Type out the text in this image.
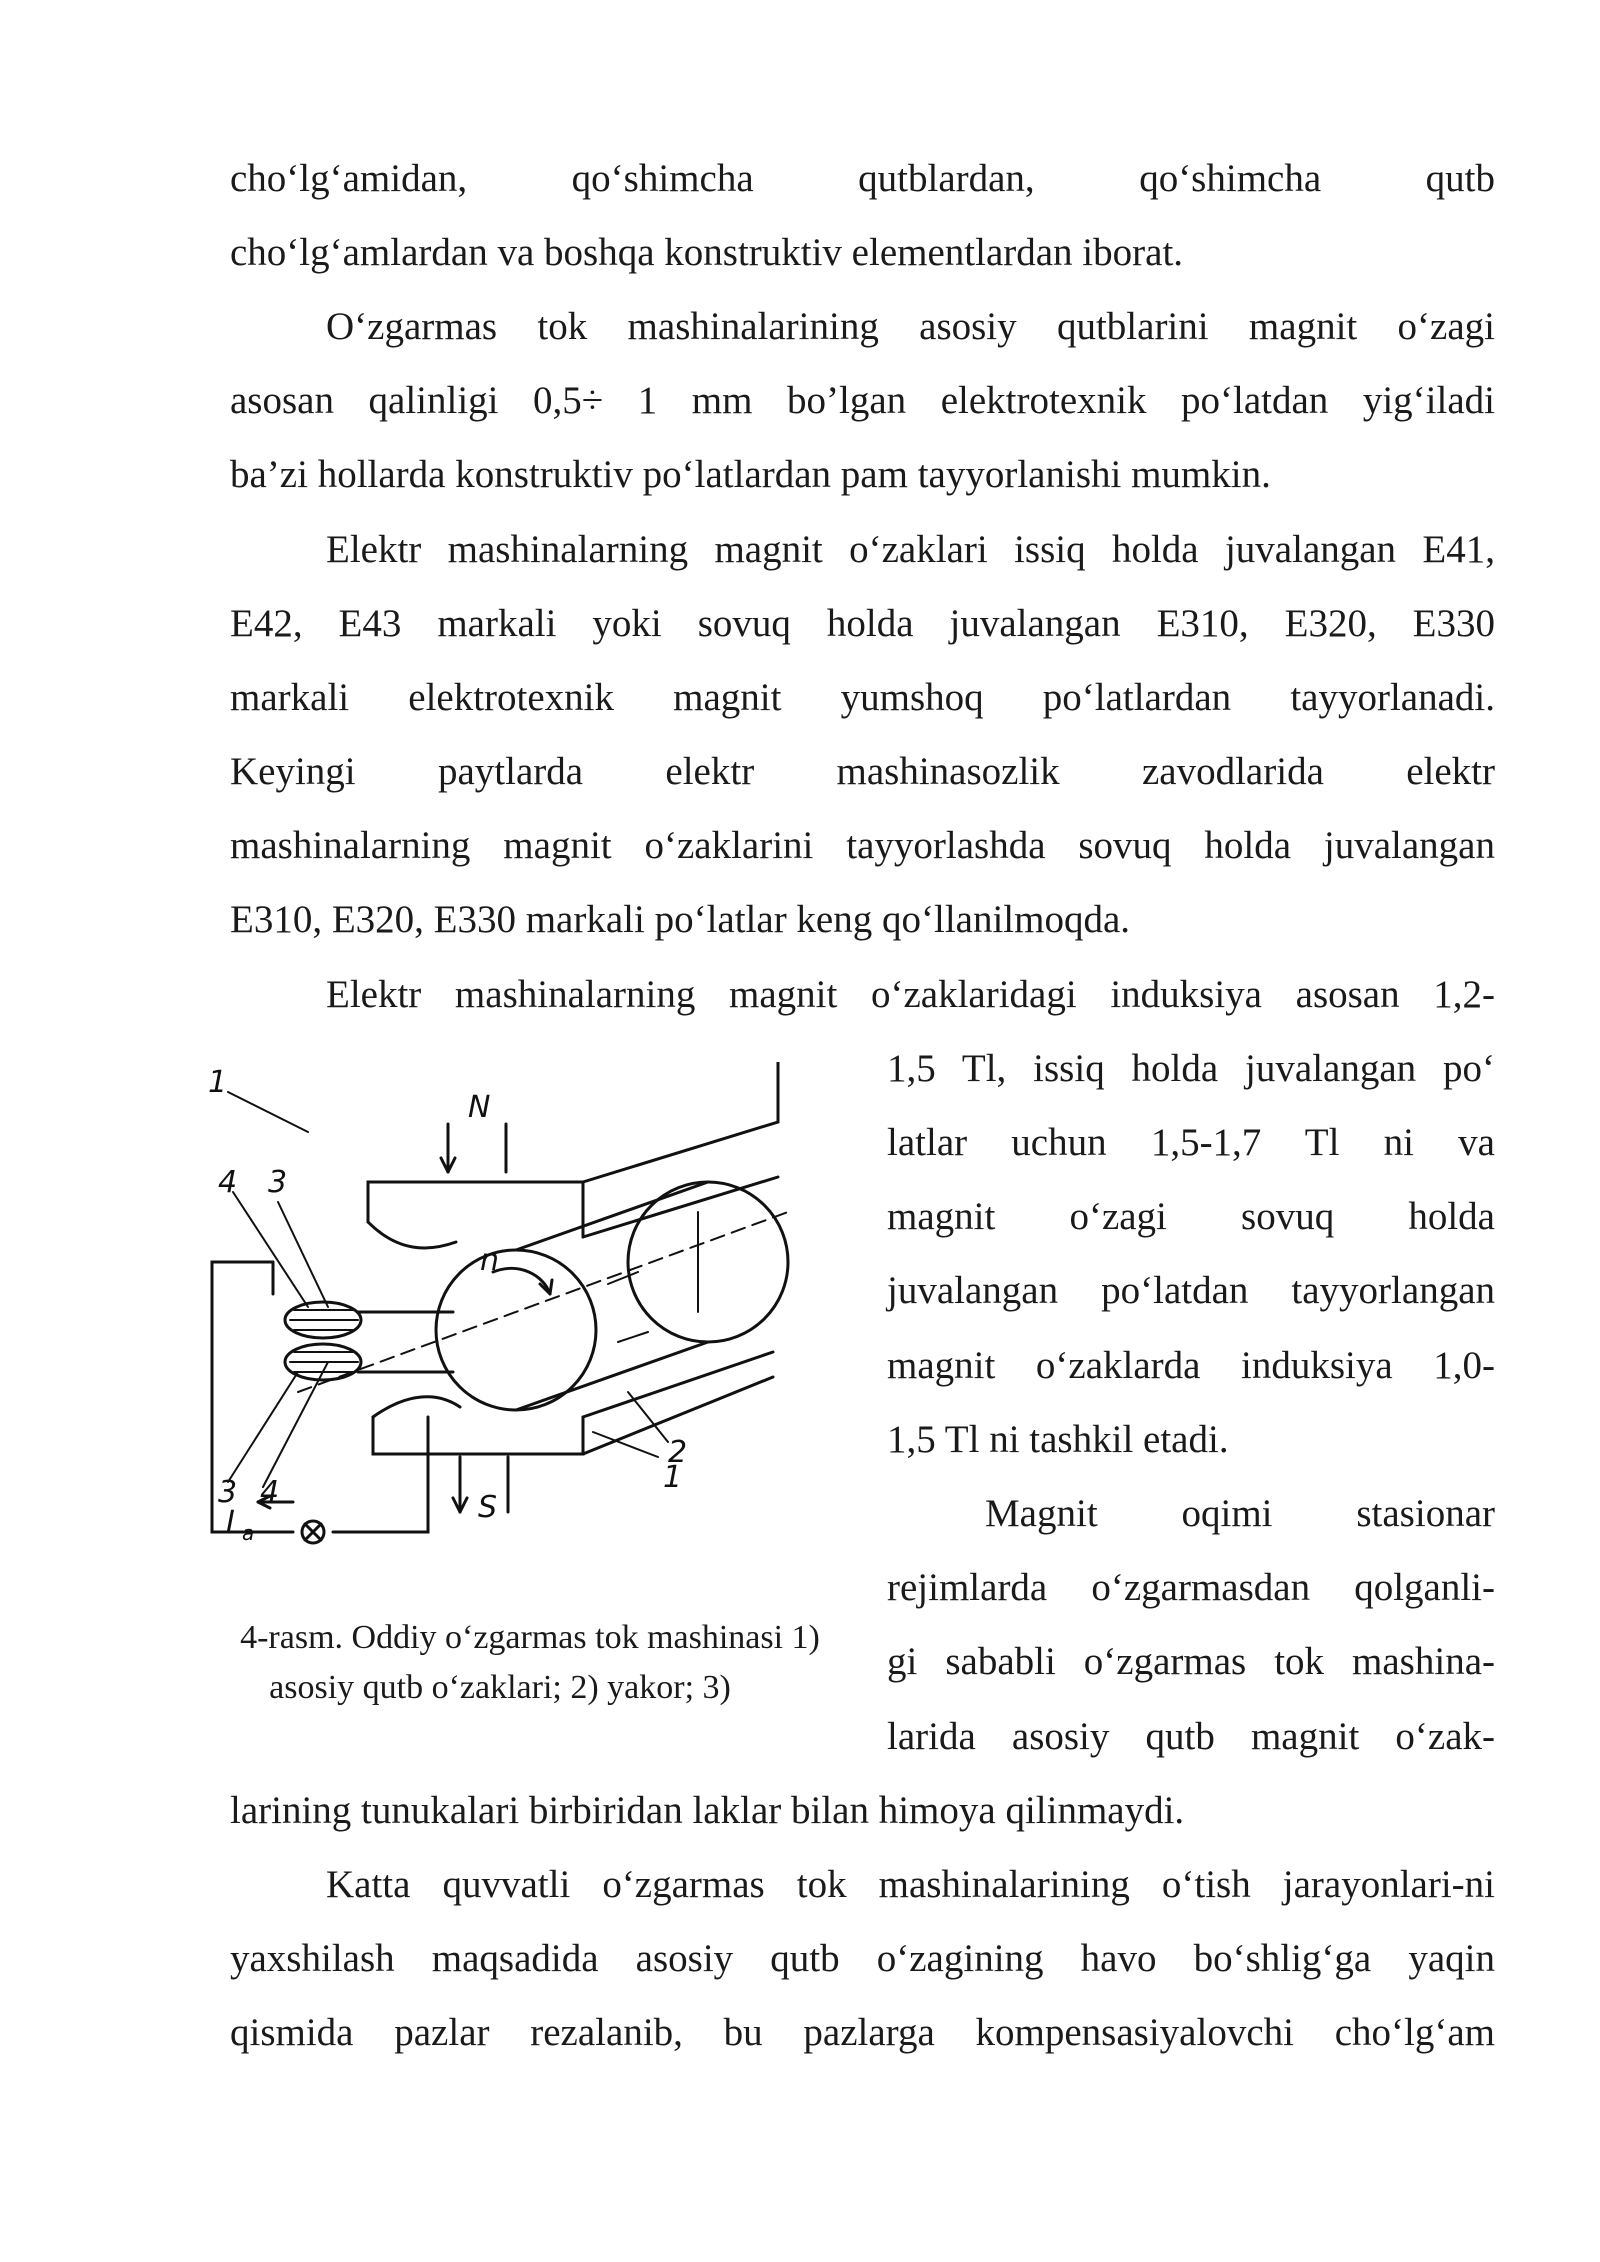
cho‘lg‘amidan, qo‘shimcha qutblardan, qo‘shimcha qutb
cho‘lg‘amlardan va boshqa konstruktiv elementlardan iborat.
O‘zgarmas tok mashinalarining asosiy qutblarini magnit o‘zagi
asosan qalinligi 0,5÷ 1 mm bo’lgan elektrotexnik po‘latdan yig‘iladi
ba’zi hollarda konstruktiv po‘latlardan pam tayyorlanishi mumkin.
Elektr mashinalarning magnit o‘zaklari issiq holda juvalangan E41,
E42, E43 markali yoki sovuq holda juvalangan E310, E320, E330
markali elektrotexnik magnit yumshoq po‘latlardan tayyorlanadi.
Keyingi paytlarda elektr mashinasozlik zavodlarida elektr
mashinalarning magnit o‘zaklarini tayyorlashda sovuq holda juvalangan
E310, E320, E330 markali po‘latlar keng qo‘llanilmoqda.
Elektr mashinalarning magnit o‘zaklaridagi induksiya asosan 1,2-
1,5 Tl, issiq holda juvalangan po‘
latlar uchun 1,5-1,7 Tl ni va
magnit o‘zagi sovuq holda
juvalangan po‘latdan tayyorlangan
magnit o‘zaklarda induksiya 1,0-
1,5 Tl ni tashkil etadi.
Magnit oqimi stasionar
rejimlarda o‘zgarmasdan qolganli-
gi sababli o‘zgarmas tok mashina-
larida asosiy qutb magnit o‘zak-
larining tunukalari birbiridan laklar bilan himoya qilinmaydi.
Katta quvvatli o‘zgarmas tok mashinalarining o‘tish jarayonlari-ni
yaxshilash maqsadida asosiy qutb o‘zagining havo bo‘shlig‘ga yaqin
qismida pazlar rezalanib, bu pazlarga kompensasiyalovchi cho‘lg‘am
1
N
4 3
n
2
3 4	1
S
I a
4-rasm. Oddiy o‘zgarmas tok mashinasi 1)
asosiy qutb o‘zaklari; 2) yakor; 3)
